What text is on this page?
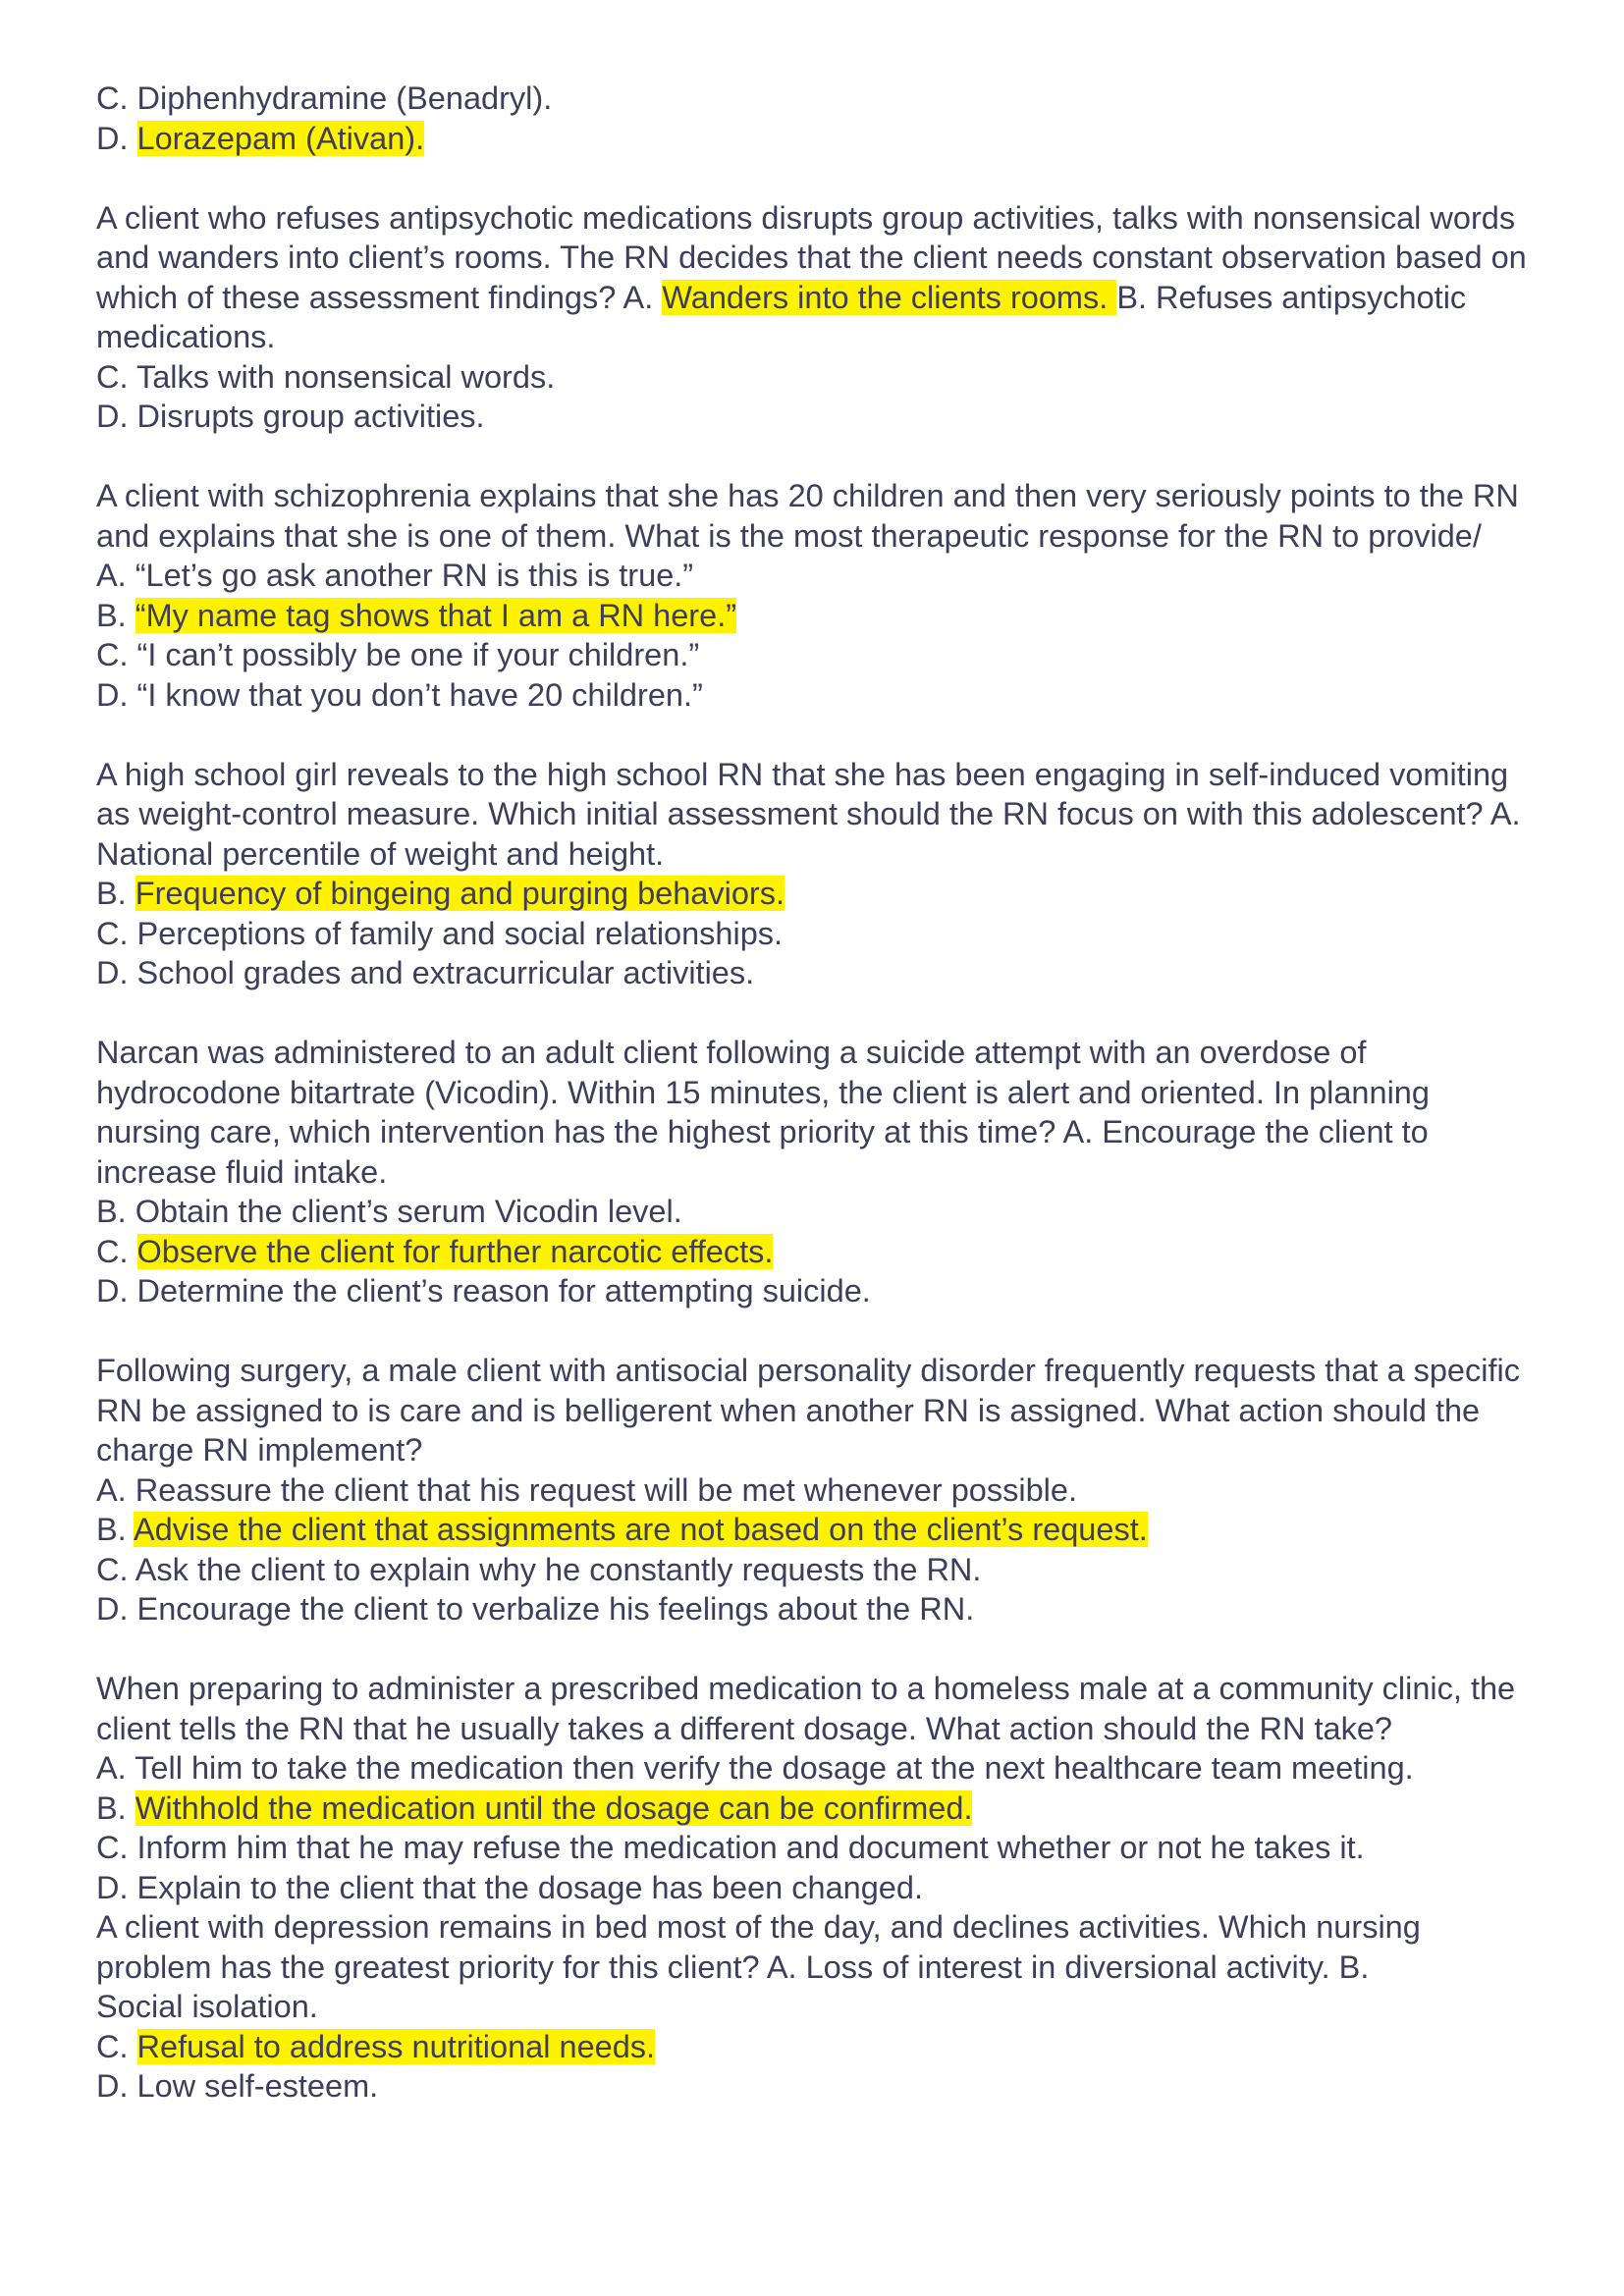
C. Diphenhydramine (Benadryl).
D. Lorazepam (Ativan).
A client who refuses antipsychotic medications disrupts group activities, talks with nonsensical words
and wanders into client’s rooms. The RN decides that the client needs constant observation based on
which of these assessment findings? A. Wanders into the clients rooms. B. Refuses antipsychotic
medications.
C. Talks with nonsensical words.
D. Disrupts group activities.
A client with schizophrenia explains that she has 20 children and then very seriously points to the RN
and explains that she is one of them. What is the most therapeutic response for the RN to provide/
A. “Let’s go ask another RN is this is true.”
B. “My name tag shows that I am a RN here.”
C. “I can’t possibly be one if your children.”
D. “I know that you don’t have 20 children.”
A high school girl reveals to the high school RN that she has been engaging in self-induced vomiting
as weight-control measure. Which initial assessment should the RN focus on with this adolescent? A.
National percentile of weight and height.
B. Frequency of bingeing and purging behaviors.
C. Perceptions of family and social relationships.
D. School grades and extracurricular activities.
Narcan was administered to an adult client following a suicide attempt with an overdose of
hydrocodone bitartrate (Vicodin). Within 15 minutes, the client is alert and oriented. In planning
nursing care, which intervention has the highest priority at this time? A. Encourage the client to
increase fluid intake.
B. Obtain the client’s serum Vicodin level.
C. Observe the client for further narcotic effects.
D. Determine the client’s reason for attempting suicide.
Following surgery, a male client with antisocial personality disorder frequently requests that a specific
RN be assigned to is care and is belligerent when another RN is assigned. What action should the
charge RN implement?
A. Reassure the client that his request will be met whenever possible.
B. Advise the client that assignments are not based on the client’s request.
C. Ask the client to explain why he constantly requests the RN.
D. Encourage the client to verbalize his feelings about the RN.
When preparing to administer a prescribed medication to a homeless male at a community clinic, the
client tells the RN that he usually takes a different dosage. What action should the RN take?
A. Tell him to take the medication then verify the dosage at the next healthcare team meeting.
B. Withhold the medication until the dosage can be confirmed.
C. Inform him that he may refuse the medication and document whether or not he takes it.
D. Explain to the client that the dosage has been changed.
A client with depression remains in bed most of the day, and declines activities. Which nursing
problem has the greatest priority for this client? A. Loss of interest in diversional activity. B.
Social isolation.
C. Refusal to address nutritional needs.
D. Low self-esteem.
